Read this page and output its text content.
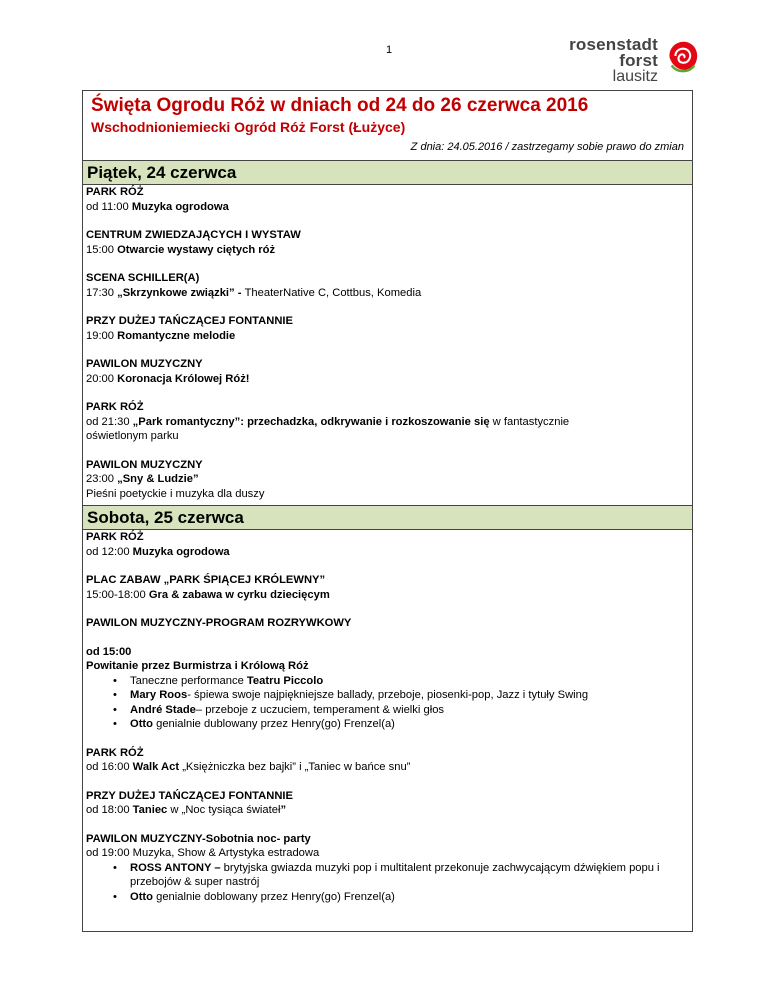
1	rosenstadt forst
lausitz
Święta Ogrodu Róż w dniach od 24 do 26 czerwca 2016
Wschodnioniemiecki Ogród Róż Forst (Łużyce)
Z dnia: 24.05.2016 / zastrzegamy sobie prawo do zmian
Piątek, 24 czerwca
PARK RÓŻ
od 11:00 Muzyka ogrodowa
CENTRUM ZWIEDZAJĄCYCH I WYSTAW
15:00 Otwarcie wystawy ciętych róż
SCENA SCHILLER(A)
17:30 „Skrzynkowe związki” - TheaterNative C, Cottbus, Komedia
PRZY DUŻEJ TAŃCZĄCEJ FONTANNIE
19:00 Romantyczne melodie
PAWILON MUZYCZNY
20:00 Koronacja Królowej Róż!
PARK RÓŻ
od 21:30 „Park romantyczny”: przechadzka, odkrywanie i rozkoszowanie się w fantastycznie
oświetlonym parku
PAWILON MUZYCZNY
23:00 „Sny & Ludzie”
Pieśni poetyckie i muzyka dla duszy
Sobota, 25 czerwca
PARK RÓŻ
od 12:00 Muzyka ogrodowa
PLAC ZABAW „PARK ŚPIĄCEJ KRÓLEWNY”
15:00-18:00 Gra & zabawa w cyrku dziecięcym
PAWILON MUZYCZNY-PROGRAM ROZRYWKOWY
od 15:00
Powitanie przez Burmistrza i Królową Róż
• Taneczne performance Teatru Piccolo
• Mary Roos- śpiewa swoje najpiękniejsze ballady, przeboje, piosenki-pop, Jazz i tytuły Swing
• André Stade– przeboje z uczuciem, temperament & wielki głos
• Otto genialnie dublowany przez Henry(go) Frenzel(a)
PARK RÓŻ
od 16:00 Walk Act „Księżniczka bez bajki” i „Taniec w bańce snu”
PRZY DUŻEJ TAŃCZĄCEJ FONTANNIE
od 18:00 Taniec w „Noc tysiąca świateł”
PAWILON MUZYCZNY-Sobotnia noc- party
od 19:00 Muzyka, Show & Artystyka estradowa
• ROSS ANTONY – brytyjska gwiazda muzyki pop i multitalent przekonuje zachwycającym dźwiękiem popu i przebojów & super nastrój
• Otto genialnie doblowany przez Henry(go) Frenzel(a)
